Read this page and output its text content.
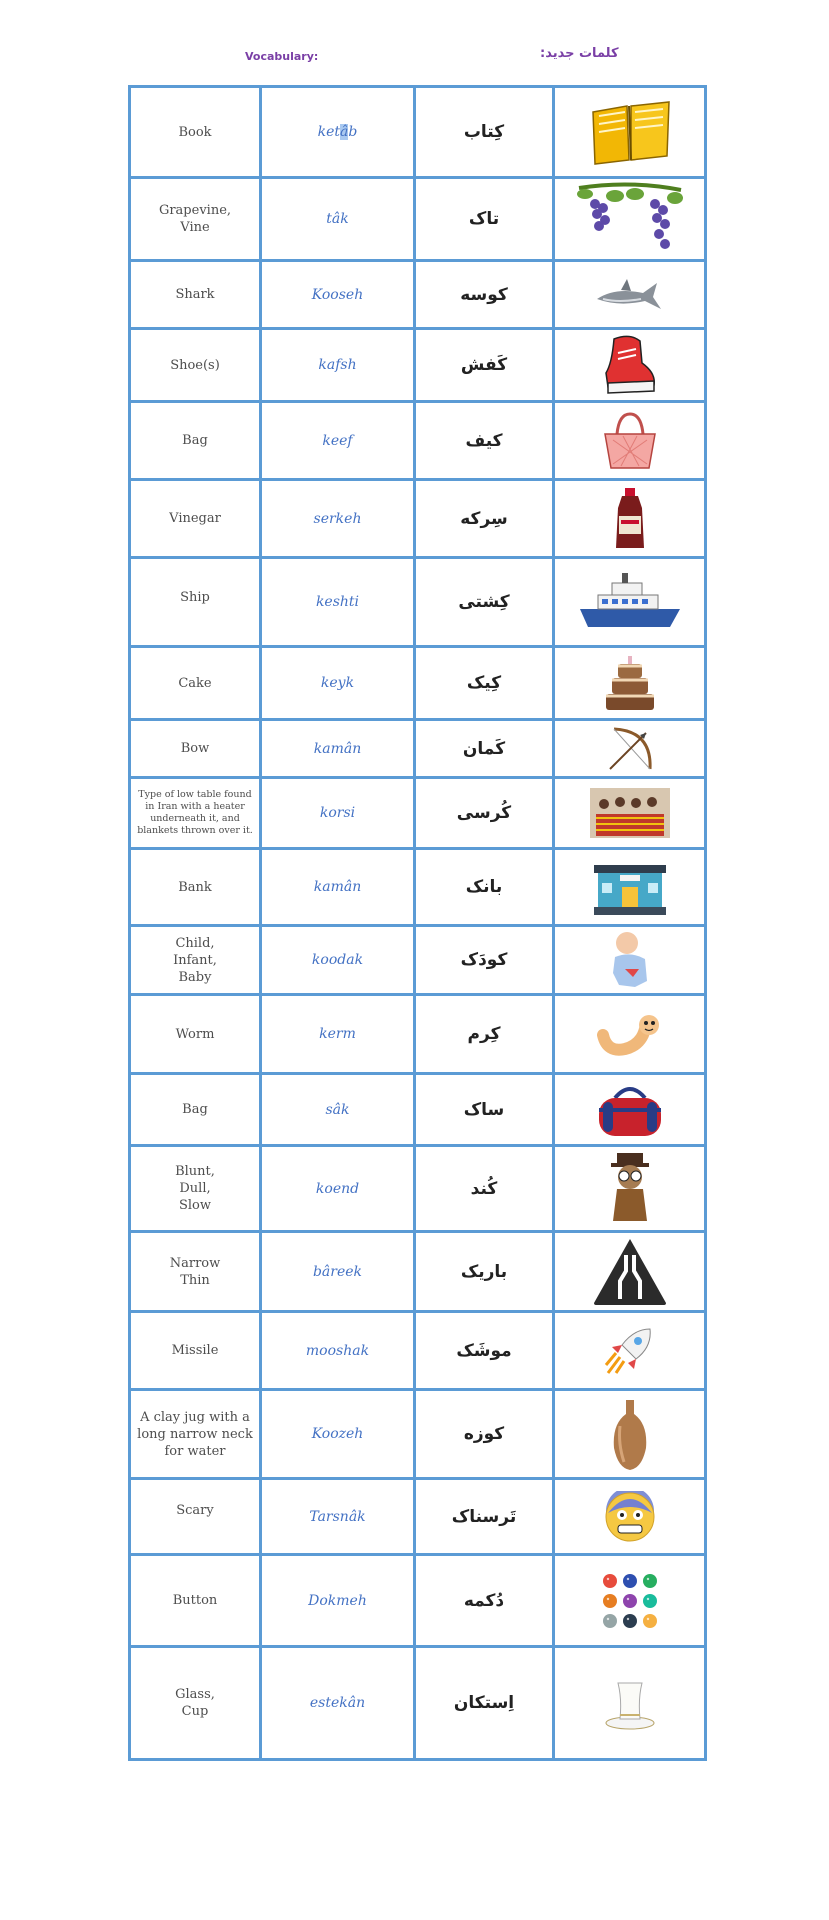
Vocabulary:	کلمات جدید:
Book	ketâb	کِتاب	

Grapevine,
Vine	tâk	تاک	

Shark	Kooseh	کوسه	

Shoe(s)	kafsh	کَفش	

Bag	keef	کیف	

Vinegar	serkeh	سِرکه	

Ship	keshti	کِشتی	

Cake	keyk	کِیک	

Bow	kamân	کَمان	

Type of low table found in Iran with a heater underneath it, and blankets thrown over it.	korsi	کُرسی	

Bank	kamân	بانک	

Child,
Infant,
Baby	koodak	کودَک	

Worm	kerm	کِرم	

Bag	sâk	ساک	

Blunt,
Dull,
Slow	koend	کُند	

Narrow
Thin	bâreek	باریک	

Missile	mooshak	موشَک	

A clay jug with a long narrow neck for water	Koozeh	کوزه	

Scary	Tarsnâk	تَرسناک	

Button	Dokmeh	دُکمه	

Glass,
Cup	estekân	اِستکان	
